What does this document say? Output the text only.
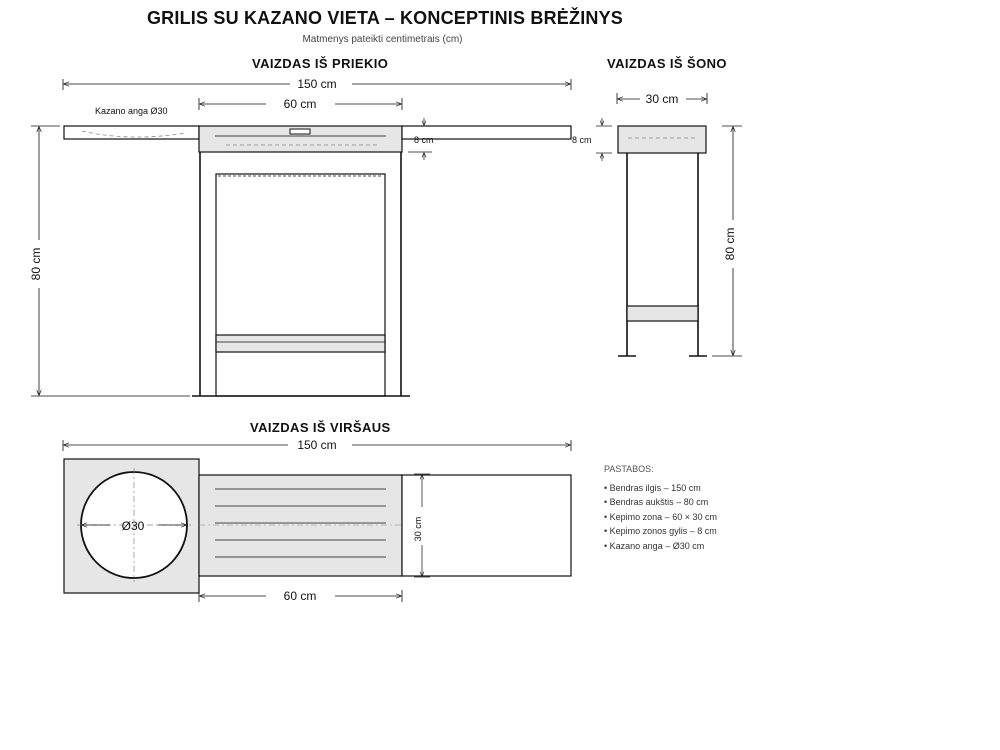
GRILIS SU KAZANO VIETA – KONCEPTINIS BRĖŽINYS
Matmenys pateikti centimetrais (cm)
VAIZDAS IŠ PRIEKIO	VAIZDAS IŠ ŠONO
VAIZDAS IŠ VIRŠAUS
150 cm
60 cm
Kazano anga Ø30
8 cm	8 cm
80 cm
30 cm
80 cm
150 cm
Ø30	30 cm
60 cm
PASTABOS:
• Bendras ilgis – 150 cm
• Bendras aukštis – 80 cm
• Kepimo zona – 60 × 30 cm
• Kepimo zonos gylis – 8 cm
• Kazano anga – Ø30 cm
